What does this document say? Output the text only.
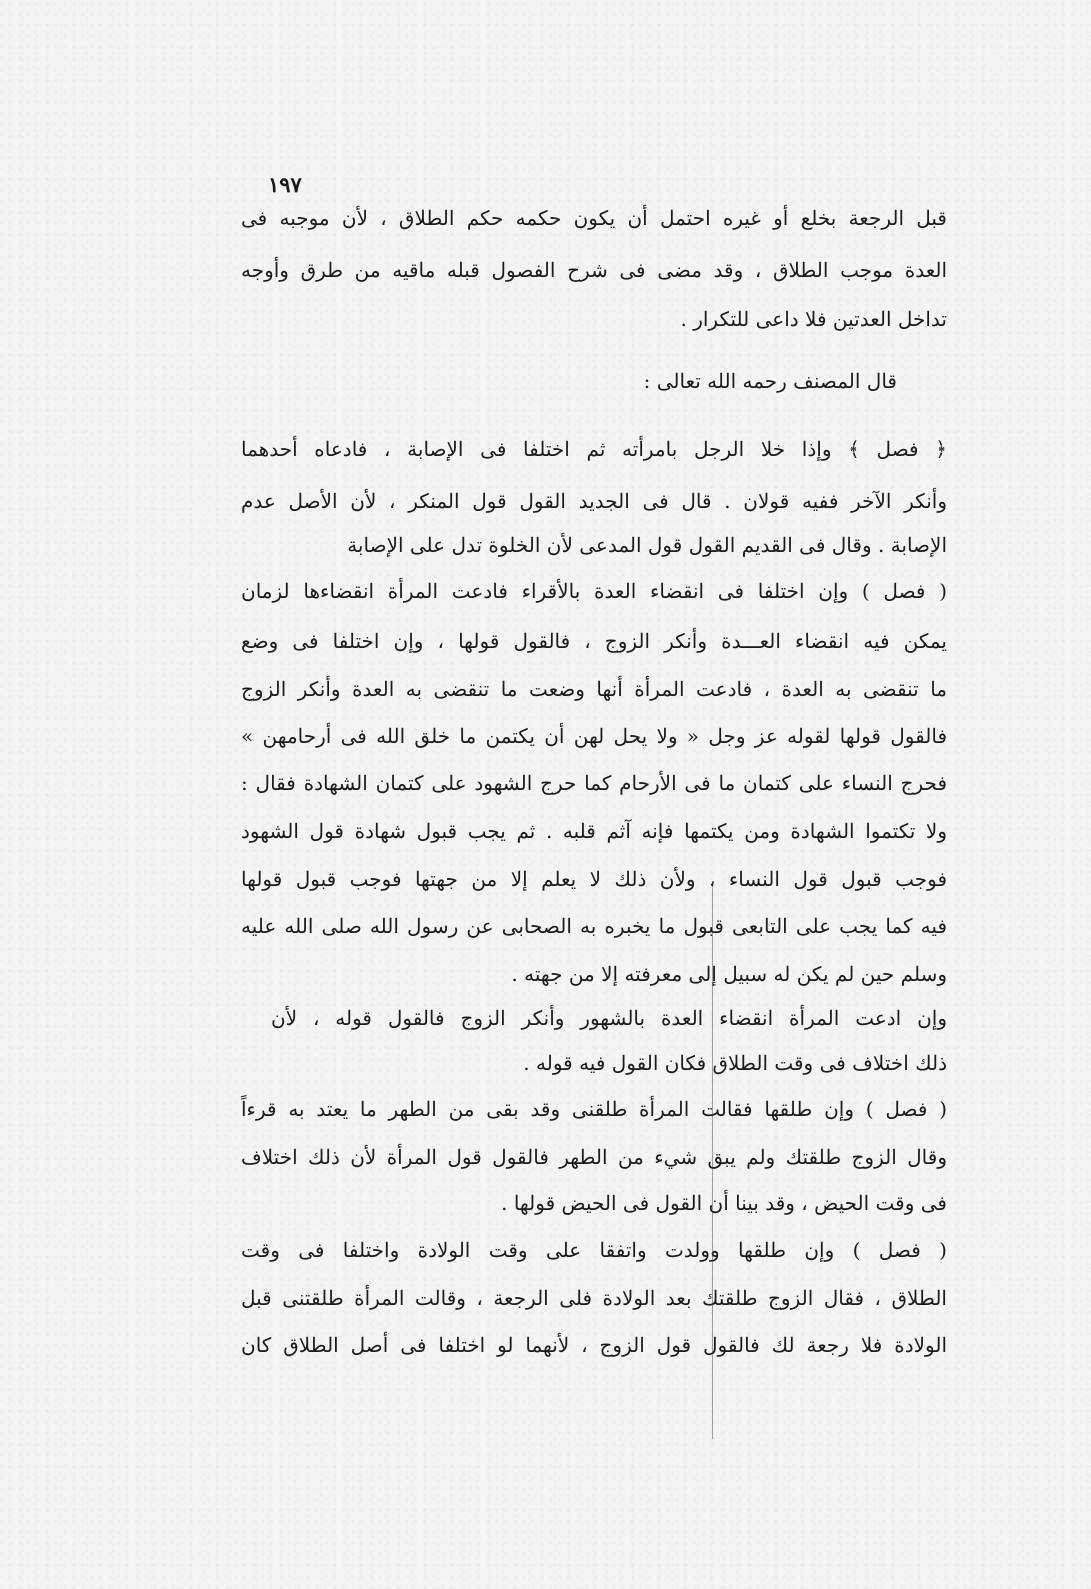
١٩٧
قبل الرجعة بخلع أو غيره احتمل أن يكون حكمه حكم الطلاق ، لأن موجبه فى
العدة موجب الطلاق ، وقد مضى فى شرح الفصول قبله ماقيه من طرق وأوجه
تداخل العدتين فلا داعى للتكرار .
قال المصنف رحمه الله تعالى :
﴿ فصل ﴾ وإذا خلا الرجل بامرأته ثم اختلفا فى الإصابة ، فادعاه أحدهما
وأنكر الآخر ففيه قولان . قال فى الجديد القول قول المنكر ، لأن الأصل عدم
الإصابة . وقال فى القديم القول قول المدعى لأن الخلوة تدل على الإصابة
( فصل ) وإن اختلفا فى انقضاء العدة بالأقراء فادعت المرأة انقضاءها لزمان
يمكن فيه انقضاء العـــدة وأنكر الزوج ، فالقول قولها ، وإن اختلفا فى وضع
ما تنقضى به العدة ، فادعت المرأة أنها وضعت ما تنقضى به العدة وأنكر الزوج
فالقول قولها لقوله عز وجل « ولا يحل لهن أن يكتمن ما خلق الله فى أرحامهن »
فحرج النساء على كتمان ما فى الأرحام كما حرج الشهود على كتمان الشهادة فقال :
ولا تكتموا الشهادة ومن يكتمها فإنه آثم قلبه . ثم يجب قبول شهادة قول الشهود
فوجب قبول قول النساء ، ولأن ذلك لا يعلم إلا من جهتها فوجب قبول قولها
فيه كما يجب على التابعى قبول ما يخبره به الصحابى عن رسول الله صلى الله عليه
وسلم حين لم يكن له سبيل إلى معرفته إلا من جهته .
وإن ادعت المرأة انقضاء العدة بالشهور وأنكر الزوج فالقول قوله ، لأن
ذلك اختلاف فى وقت الطلاق فكان القول فيه قوله .
( فصل ) وإن طلقها فقالت المرأة طلقنى وقد بقى من الطهر ما يعتد به قرءاً
وقال الزوج طلقتك ولم يبق شيء من الطهر فالقول قول المرأة لأن ذلك اختلاف
فى وقت الحيض ، وقد بينا أن القول فى الحيض قولها .
( فصل ) وإن طلقها وولدت واتفقا على وقت الولادة واختلفا فى وقت
الطلاق ، فقال الزوج طلقتك بعد الولادة فلى الرجعة ، وقالت المرأة طلقتنى قبل
الولادة فلا رجعة لك فالقول قول الزوج ، لأنهما لو اختلفا فى أصل الطلاق كان
